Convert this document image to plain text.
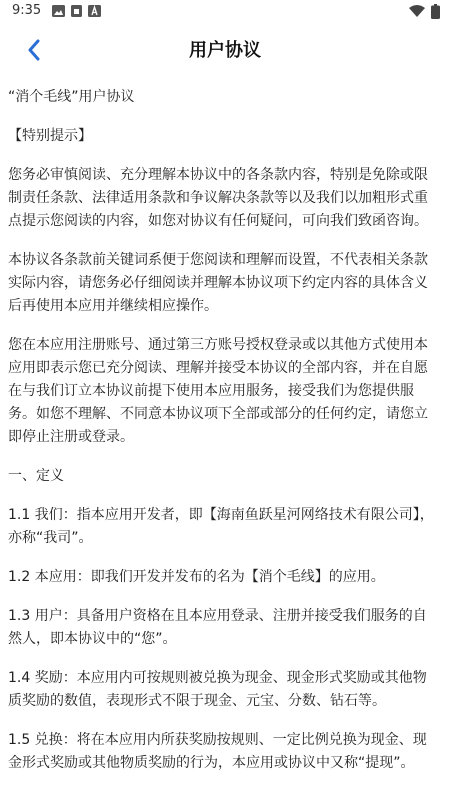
9:35
用户协议

“消个毛线”用户协议

【特别提示】

您务必审慎阅读、充分理解本协议中的各条款内容，特别是免除或限制责任条款、法律适用条款和争议解决条款等以及我们以加粗形式重点提示您阅读的内容，如您对协议有任何疑问，可向我们致函咨询。

本协议各条款前关键词系便于您阅读和理解而设置，不代表相关条款实际内容，请您务必仔细阅读并理解本协议项下约定内容的具体含义后再使用本应用并继续相应操作。

您在本应用注册账号、通过第三方账号授权登录或以其他方式使用本应用即表示您已充分阅读、理解并接受本协议的全部内容，并在自愿在与我们订立本协议前提下使用本应用服务，接受我们为您提供服务。如您不理解、不同意本协议项下全部或部分的任何约定，请您立即停止注册或登录。

一、定义

1.1 我们：指本应用开发者，即【海南鱼跃星河网络技术有限公司】，亦称“我司”。

1.2 本应用：即我们开发并发布的名为【消个毛线】的应用。

1.3 用户：具备用户资格在且本应用登录、注册并接受我们服务的自然人，即本协议中的“您”。

1.4 奖励：本应用内可按规则被兑换为现金、现金形式奖励或其他物质奖励的数值，表现形式不限于现金、元宝、分数、钻石等。

1.5 兑换：将在本应用内所获奖励按规则、一定比例兑换为现金、现金形式奖励或其他物质奖励的行为，本应用或协议中又称“提现”。
